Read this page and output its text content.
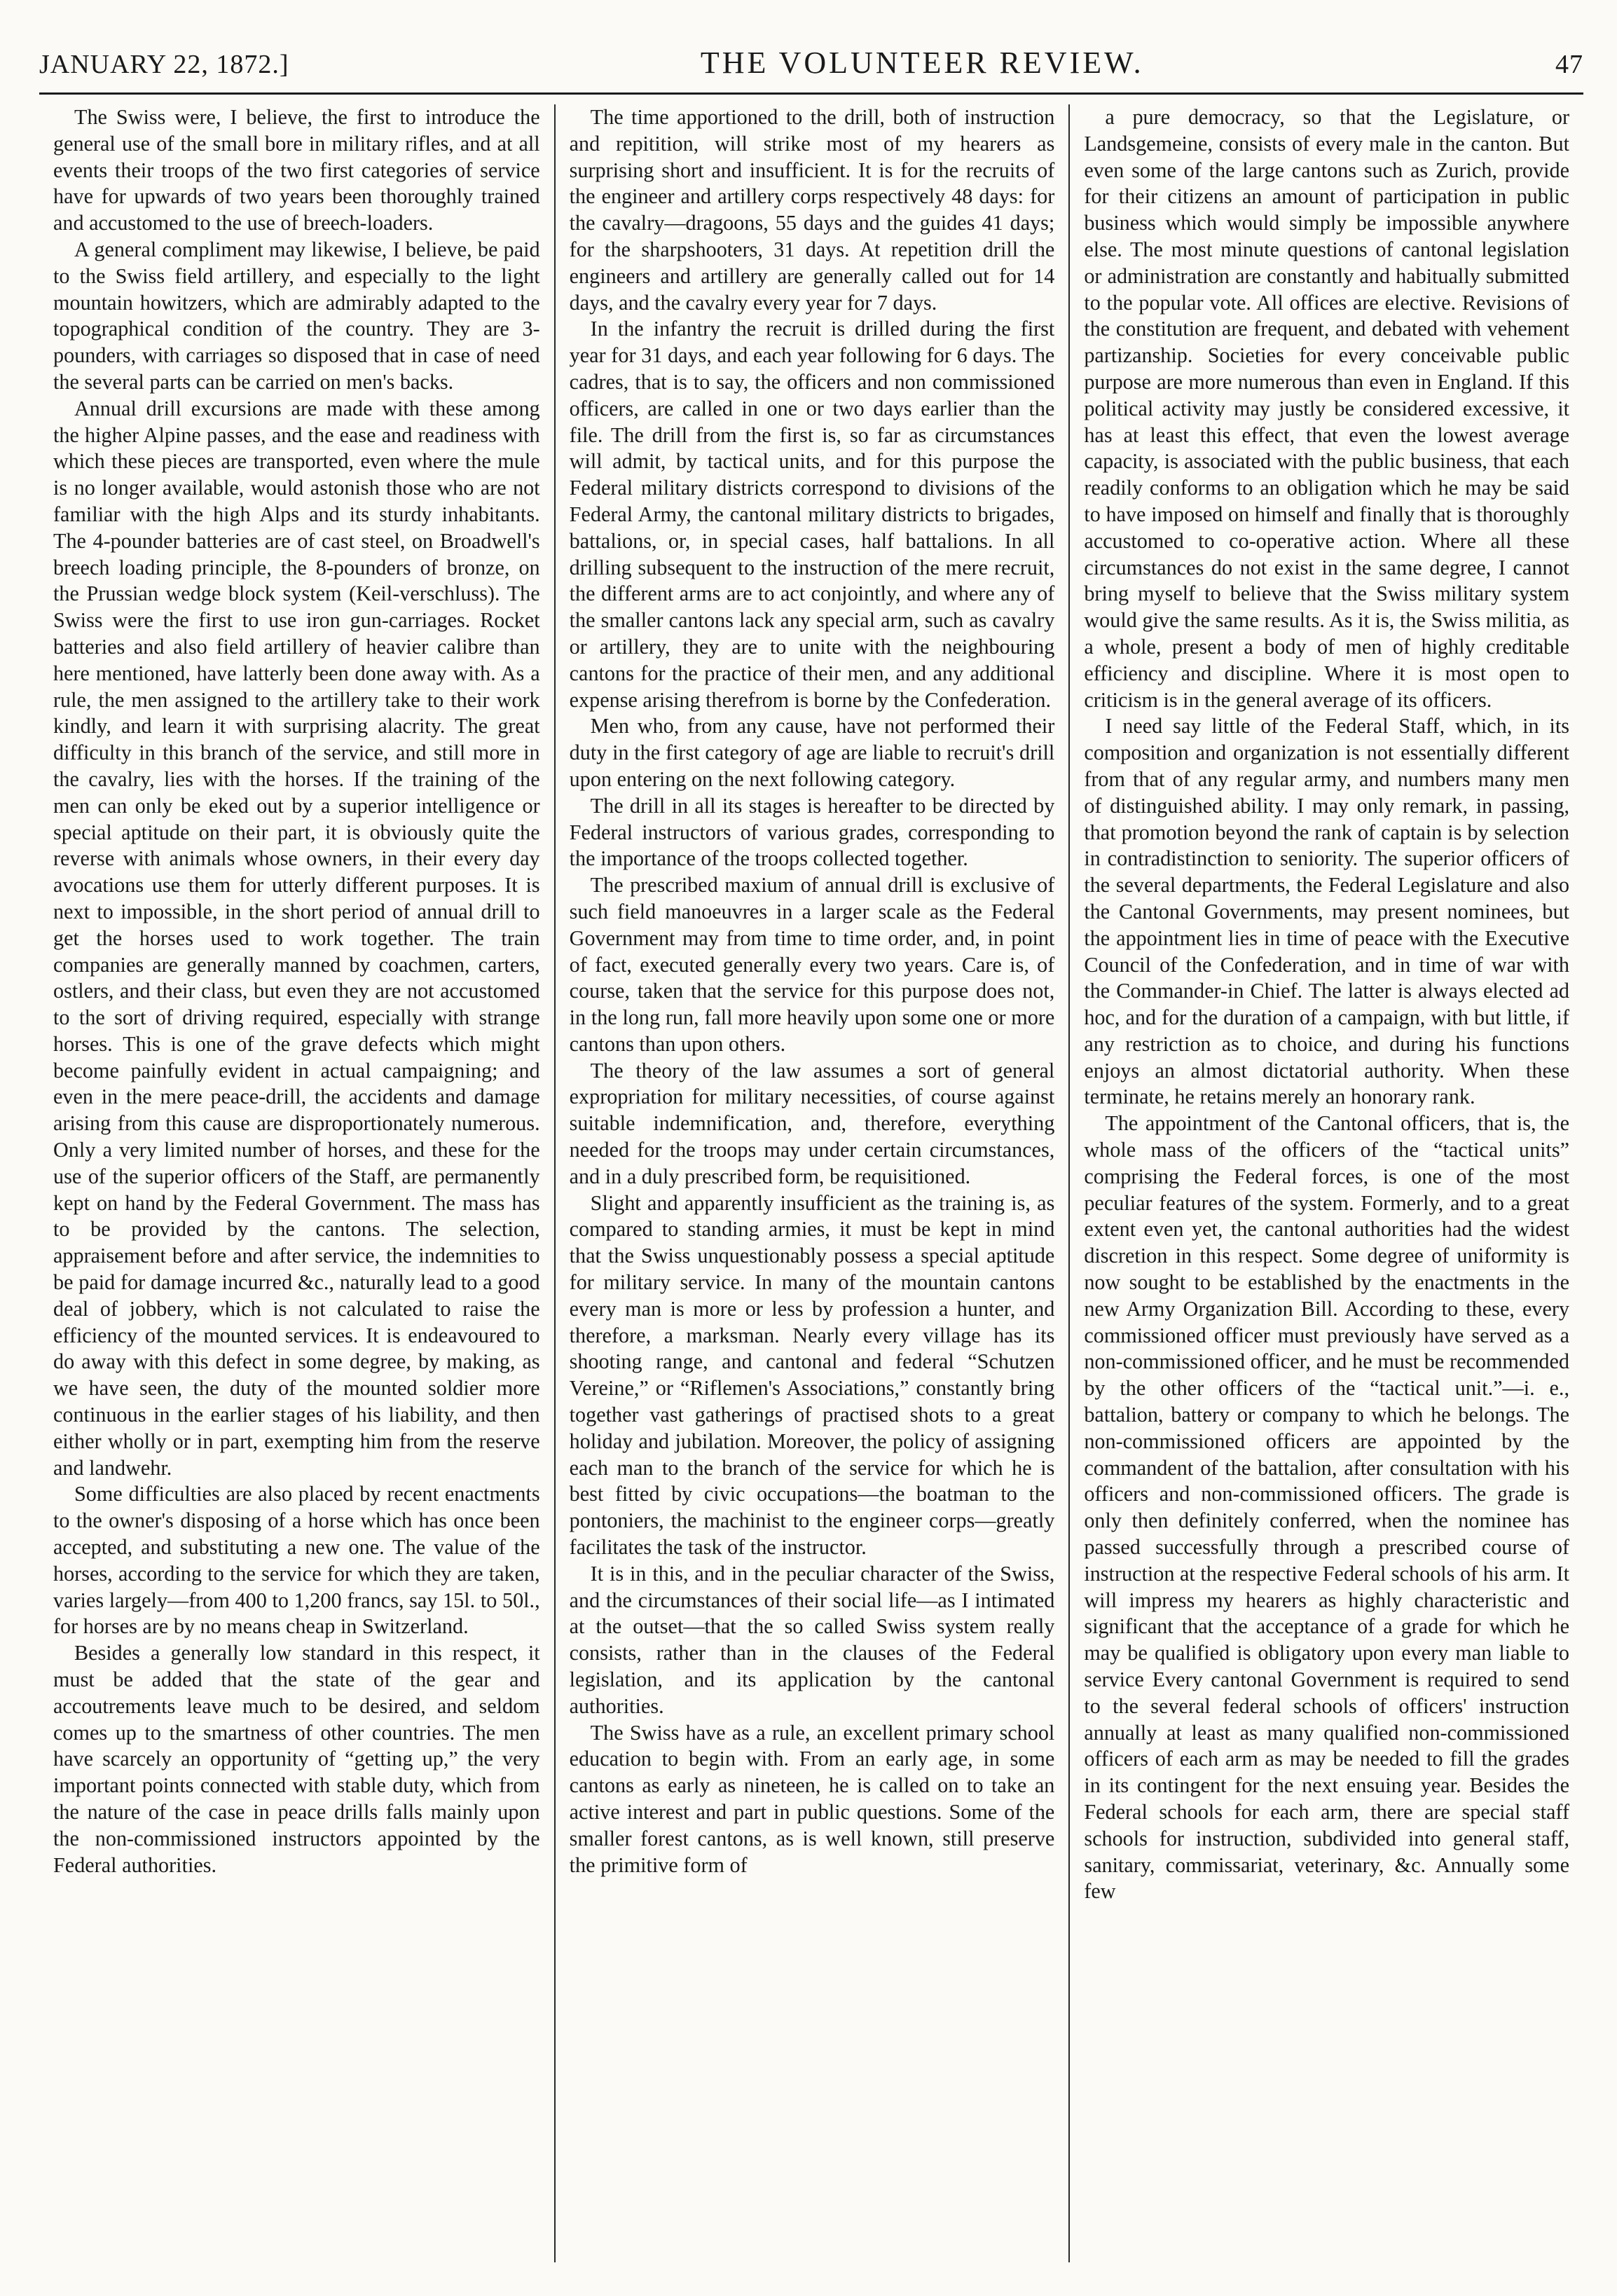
JANUARY 22, 1872.]	THE VOLUNTEER REVIEW.	47

The Swiss were, I believe, the first to introduce the general use of the small bore in military rifles, and at all events their troops of the two first categories of service have for upwards of two years been thoroughly trained and accustomed to the use of breech-loaders.

A general compliment may likewise, I believe, be paid to the Swiss field artillery, and especially to the light mountain howitzers, which are admirably adapted to the topographical condition of the country. They are 3-pounders, with carriages so disposed that in case of need the several parts can be carried on men's backs.

Annual drill excursions are made with these among the higher Alpine passes, and the ease and readiness with which these pieces are transported, even where the mule is no longer available, would astonish those who are not familiar with the high Alps and its sturdy inhabitants. The 4-pounder batteries are of cast steel, on Broadwell's breech loading principle, the 8-pounders of bronze, on the Prussian wedge block system (Keil-verschluss). The Swiss were the first to use iron gun-carriages. Rocket batteries and also field artillery of heavier calibre than here mentioned, have latterly been done away with. As a rule, the men assigned to the artillery take to their work kindly, and learn it with surprising alacrity. The great difficulty in this branch of the service, and still more in the cavalry, lies with the horses. If the training of the men can only be eked out by a superior intelligence or special aptitude on their part, it is obviously quite the reverse with animals whose owners, in their every day avocations use them for utterly different purposes. It is next to impossible, in the short period of annual drill to get the horses used to work together. The train companies are generally manned by coachmen, carters, ostlers, and their class, but even they are not accustomed to the sort of driving required, especially with strange horses. This is one of the grave defects which might become painfully evident in actual campaigning; and even in the mere peace-drill, the accidents and damage arising from this cause are disproportionately numerous. Only a very limited number of horses, and these for the use of the superior officers of the Staff, are permanently kept on hand by the Federal Government. The mass has to be provided by the cantons. The selection, appraisement before and after service, the indemnities to be paid for damage incurred &c., naturally lead to a good deal of jobbery, which is not calculated to raise the efficiency of the mounted services. It is endeavoured to do away with this defect in some degree, by making, as we have seen, the duty of the mounted soldier more continuous in the earlier stages of his liability, and then either wholly or in part, exempting him from the reserve and landwehr.

Some difficulties are also placed by recent enactments to the owner's disposing of a horse which has once been accepted, and substituting a new one. The value of the horses, according to the service for which they are taken, varies largely—from 400 to 1,200 francs, say 15l. to 50l., for horses are by no means cheap in Switzerland.

Besides a generally low standard in this respect, it must be added that the state of the gear and accoutrements leave much to be desired, and seldom comes up to the smartness of other countries. The men have scarcely an opportunity of “getting up,” the very important points connected with stable duty, which from the nature of the case in peace drills falls mainly upon the non-commissioned instructors appointed by the Federal authorities.

The time apportioned to the drill, both of instruction and repitition, will strike most of my hearers as surprising short and insufficient. It is for the recruits of the engineer and artillery corps respectively 48 days: for the cavalry—dragoons, 55 days and the guides 41 days; for the sharpshooters, 31 days. At repetition drill the engineers and artillery are generally called out for 14 days, and the cavalry every year for 7 days.

In the infantry the recruit is drilled during the first year for 31 days, and each year following for 6 days. The cadres, that is to say, the officers and non commissioned officers, are called in one or two days earlier than the file. The drill from the first is, so far as circumstances will admit, by tactical units, and for this purpose the Federal military districts correspond to divisions of the Federal Army, the cantonal military districts to brigades, battalions, or, in special cases, half battalions. In all drilling subsequent to the instruction of the mere recruit, the different arms are to act conjointly, and where any of the smaller cantons lack any special arm, such as cavalry or artillery, they are to unite with the neighbouring cantons for the practice of their men, and any additional expense arising therefrom is borne by the Confederation.

Men who, from any cause, have not performed their duty in the first category of age are liable to recruit's drill upon entering on the next following category.

The drill in all its stages is hereafter to be directed by Federal instructors of various grades, corresponding to the importance of the troops collected together.

The prescribed maxium of annual drill is exclusive of such field manoeuvres in a larger scale as the Federal Government may from time to time order, and, in point of fact, executed generally every two years. Care is, of course, taken that the service for this purpose does not, in the long run, fall more heavily upon some one or more cantons than upon others.

The theory of the law assumes a sort of general expropriation for military necessities, of course against suitable indemnification, and, therefore, everything needed for the troops may under certain circumstances, and in a duly prescribed form, be requisitioned.

Slight and apparently insufficient as the training is, as compared to standing armies, it must be kept in mind that the Swiss unquestionably possess a special aptitude for military service. In many of the mountain cantons every man is more or less by profession a hunter, and therefore, a marksman. Nearly every village has its shooting range, and cantonal and federal “Schutzen Vereine,” or “Riflemen's Associations,” constantly bring together vast gatherings of practised shots to a great holiday and jubilation. Moreover, the policy of assigning each man to the branch of the service for which he is best fitted by civic occupations—the boatman to the pontoniers, the machinist to the engineer corps—greatly facilitates the task of the instructor.

It is in this, and in the peculiar character of the Swiss, and the circumstances of their social life—as I intimated at the outset—that the so called Swiss system really consists, rather than in the clauses of the Federal legislation, and its application by the cantonal authorities.

The Swiss have as a rule, an excellent primary school education to begin with. From an early age, in some cantons as early as nineteen, he is called on to take an active interest and part in public questions. Some of the smaller forest cantons, as is well known, still preserve the primitive form of

a pure democracy, so that the Legislature, or Landsgemeine, consists of every male in the canton. But even some of the large cantons such as Zurich, provide for their citizens an amount of participation in public business which would simply be impossible anywhere else. The most minute questions of cantonal legislation or administration are constantly and habitually submitted to the popular vote. All offices are elective. Revisions of the constitution are frequent, and debated with vehement partizanship. Societies for every conceivable public purpose are more numerous than even in England. If this political activity may justly be considered excessive, it has at least this effect, that even the lowest average capacity, is associated with the public business, that each readily conforms to an obligation which he may be said to have imposed on himself and finally that is thoroughly accustomed to co-operative action. Where all these circumstances do not exist in the same degree, I cannot bring myself to believe that the Swiss military system would give the same results. As it is, the Swiss militia, as a whole, present a body of men of highly creditable efficiency and discipline. Where it is most open to criticism is in the general average of its officers.

I need say little of the Federal Staff, which, in its composition and organization is not essentially different from that of any regular army, and numbers many men of distinguished ability. I may only remark, in passing, that promotion beyond the rank of captain is by selection in contradistinction to seniority. The superior officers of the several departments, the Federal Legislature and also the Cantonal Governments, may present nominees, but the appointment lies in time of peace with the Executive Council of the Confederation, and in time of war with the Commander-in Chief. The latter is always elected ad hoc, and for the duration of a campaign, with but little, if any restriction as to choice, and during his functions enjoys an almost dictatorial authority. When these terminate, he retains merely an honorary rank.

The appointment of the Cantonal officers, that is, the whole mass of the officers of the “tactical units” comprising the Federal forces, is one of the most peculiar features of the system. Formerly, and to a great extent even yet, the cantonal authorities had the widest discretion in this respect. Some degree of uniformity is now sought to be established by the enactments in the new Army Organization Bill. According to these, every commissioned officer must previously have served as a non-commissioned officer, and he must be recommended by the other officers of the “tactical unit.”—i. e., battalion, battery or company to which he belongs. The non-commissioned officers are appointed by the commandent of the battalion, after consultation with his officers and non-commissioned officers. The grade is only then definitely conferred, when the nominee has passed successfully through a prescribed course of instruction at the respective Federal schools of his arm. It will impress my hearers as highly characteristic and significant that the acceptance of a grade for which he may be qualified is obligatory upon every man liable to service Every cantonal Government is required to send to the several federal schools of officers' instruction annually at least as many qualified non-commissioned officers of each arm as may be needed to fill the grades in its contingent for the next ensuing year. Besides the Federal schools for each arm, there are special staff schools for instruction, subdivided into general staff, sanitary, commissariat, veterinary, &c. Annually some few
